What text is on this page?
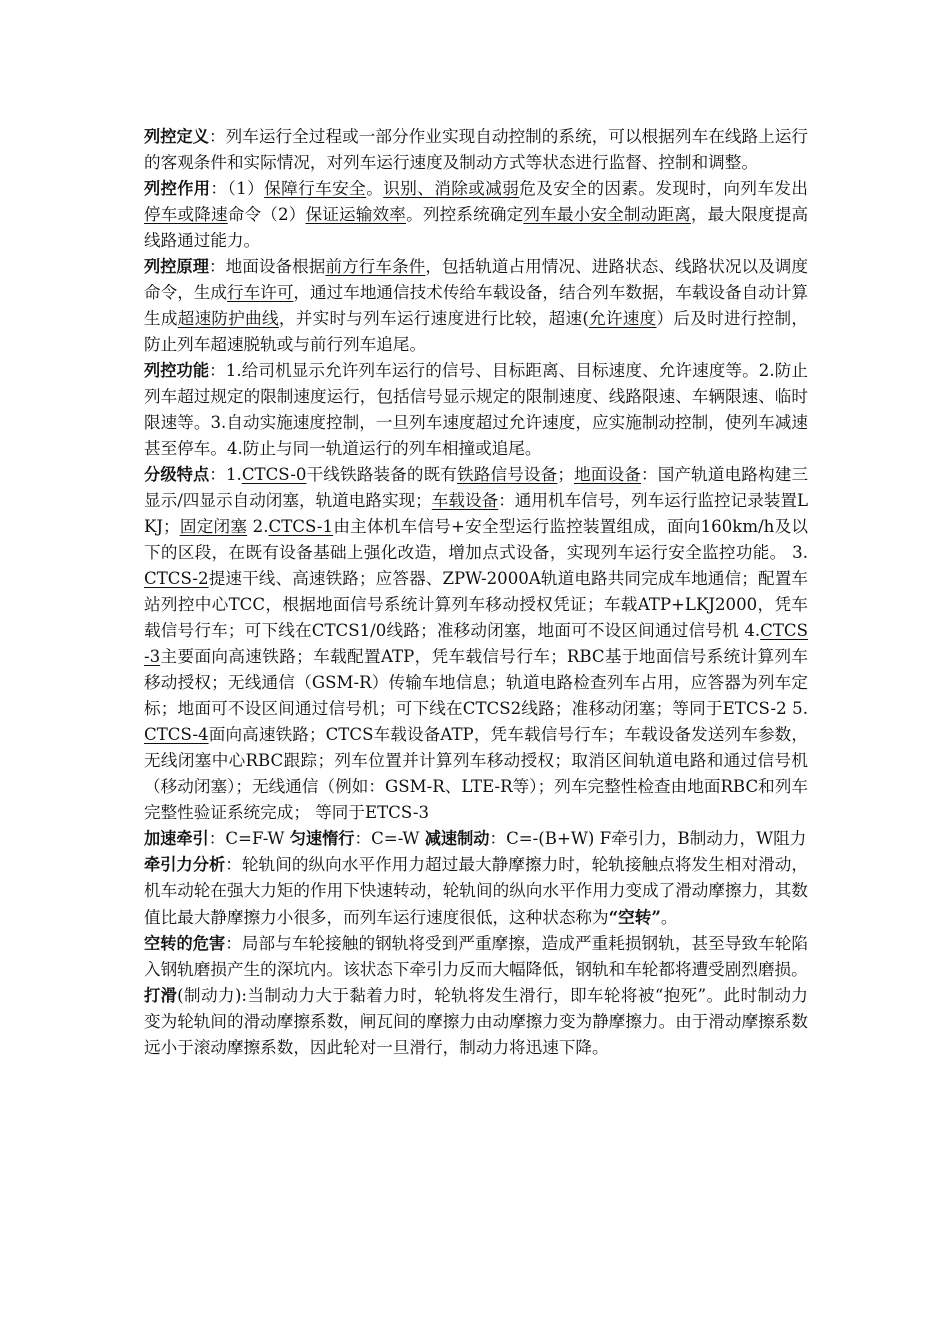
列控定义：列车运行全过程或一部分作业实现自动控制的系统，可以根据列车在线路上运行的客观条件和实际情况，对列车运行速度及制动方式等状态进行监督、控制和调整。

列控作用：（1）保障行车安全。识别、消除或减弱危及安全的因素。发现时，向列车发出停车或降速命令（2）保证运输效率。列控系统确定列车最小安全制动距离，最大限度提高线路通过能力。

列控原理：地面设备根据前方行车条件，包括轨道占用情况、进路状态、线路状况以及调度命令，生成行车许可，通过车地通信技术传给车载设备，结合列车数据，车载设备自动计算生成超速防护曲线，并实时与列车运行速度进行比较，超速(允许速度）后及时进行控制，防止列车超速脱轨或与前行列车追尾。

列控功能：1.给司机显示允许列车运行的信号、目标距离、目标速度、允许速度等。2.防止列车超过规定的限制速度运行，包括信号显示规定的限制速度、线路限速、车辆限速、临时限速等。3.自动实施速度控制，一旦列车速度超过允许速度，应实施制动控制，使列车减速甚至停车。4.防止与同一轨道运行的列车相撞或追尾。

分级特点：1.CTCS-0干线铁路装备的既有铁路信号设备；地面设备：国产轨道电路构建三显示/四显示自动闭塞，轨道电路实现；车载设备：通用机车信号，列车运行监控记录装置LKJ；固定闭塞 2.CTCS-1由主体机车信号+安全型运行监控装置组成，面向160km/h及以下的区段，在既有设备基础上强化改造，增加点式设备，实现列车运行安全监控功能。 3.CTCS-2提速干线、高速铁路；应答器、ZPW-2000A轨道电路共同完成车地通信；配置车站列控中心TCC，根据地面信号系统计算列车移动授权凭证；车载ATP+LKJ2000，凭车载信号行车；可下线在CTCS1/0线路；准移动闭塞，地面可不设区间通过信号机 4.CTCS-3主要面向高速铁路；车载配置ATP，凭车载信号行车；RBC基于地面信号系统计算列车移动授权；无线通信（GSM-R）传输车地信息；轨道电路检查列车占用，应答器为列车定标；地面可不设区间通过信号机；可下线在CTCS2线路；准移动闭塞；等同于ETCS-2 5.CTCS-4面向高速铁路；CTCS车载设备ATP，凭车载信号行车；车载设备发送列车参数，无线闭塞中心RBC跟踪；列车位置并计算列车移动授权；取消区间轨道电路和通过信号机（移动闭塞）；无线通信（例如：GSM-R、LTE-R等）；列车完整性检查由地面RBC和列车完整性验证系统完成； 等同于ETCS-3

加速牵引：C=F-W 匀速惰行：C=-W 减速制动：C=-(B+W) F牵引力，B制动力，W阻力

牵引力分析：轮轨间的纵向水平作用力超过最大静摩擦力时，轮轨接触点将发生相对滑动，机车动轮在强大力矩的作用下快速转动，轮轨间的纵向水平作用力变成了滑动摩擦力，其数值比最大静摩擦力小很多，而列车运行速度很低，这种状态称为“空转”。

空转的危害：局部与车轮接触的钢轨将受到严重摩擦，造成严重耗损钢轨，甚至导致车轮陷入钢轨磨损产生的深坑内。该状态下牵引力反而大幅降低，钢轨和车轮都将遭受剧烈磨损。

打滑(制动力):当制动力大于黏着力时，轮轨将发生滑行，即车轮将被“抱死”。此时制动力变为轮轨间的滑动摩擦系数，闸瓦间的摩擦力由动摩擦力变为静摩擦力。由于滑动摩擦系数远小于滚动摩擦系数，因此轮对一旦滑行，制动力将迅速下降。
